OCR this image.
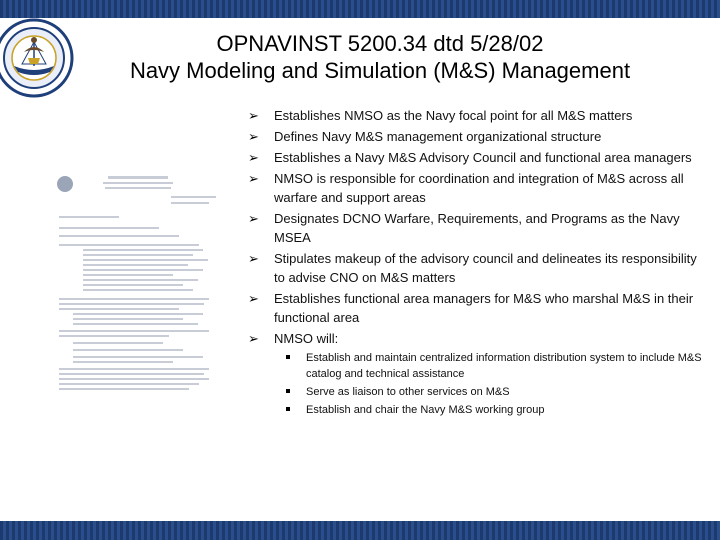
OPNAVINST 5200.34 dtd 5/28/02
Navy Modeling and Simulation (M&S) Management
➢ Establishes NMSO as the Navy focal point for all M&S matters
➢ Defines Navy M&S management organizational structure
➢ Establishes a Navy M&S Advisory Council and functional area managers
➢ NMSO is responsible for coordination and integration of M&S across all warfare and support areas
➢ Designates DCNO Warfare, Requirements, and Programs as the Navy MSEA
➢ Stipulates makeup of the advisory council and delineates its responsibility to advise CNO on M&S matters
➢ Establishes functional area managers for M&S who marshal M&S in their functional area
➢ NMSO will:
Establish and maintain centralized information distribution system to include M&S catalog and technical assistance
Serve as liaison to other services on M&S
Establish and chair the Navy M&S working group
